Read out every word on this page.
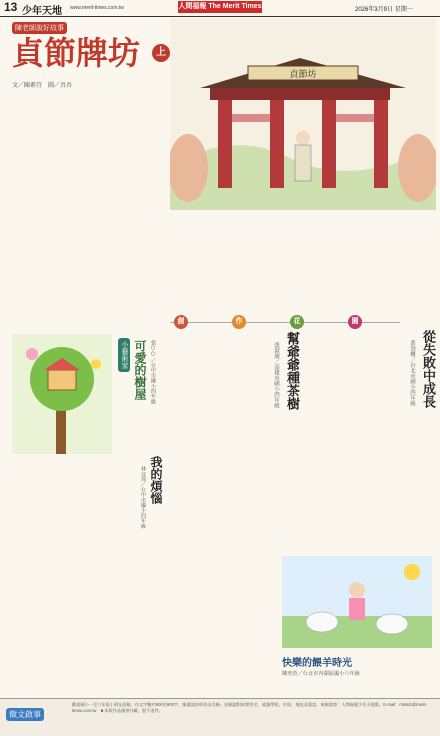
13 少年天地 www.merit-times.com.tw	人間福報 The Merit Times	2026年3月9日 星期一
陳老師說好故事
貞節牌坊	上
文／陳素宜　圖／吾吾
貞節坊
創	作	花	園
從失敗中成長
黃羽姍／台北市國小四年級
幫爺爺種茶樹
張淑瑜／高雄市國小四年級
小藝術家 可愛的樹屋 張○○／台中市國小四年級
我的煩惱
林宜霈／台中市國小四年級
快樂的餵羊時光
陳奕萱／台北市內湖區國小六年級
徵文啟事
歡迎國小一至六年級小朋友投稿，作文字數約500至800字，繪畫請註明作品名稱。投稿請附真實姓名、就讀學校、年級、地址及電話，來稿請寄：人間福報少年天地版。E-mail：mtsat1@merit-times.com.tw　■ 本版作品僅供刊載，恕不退件。
